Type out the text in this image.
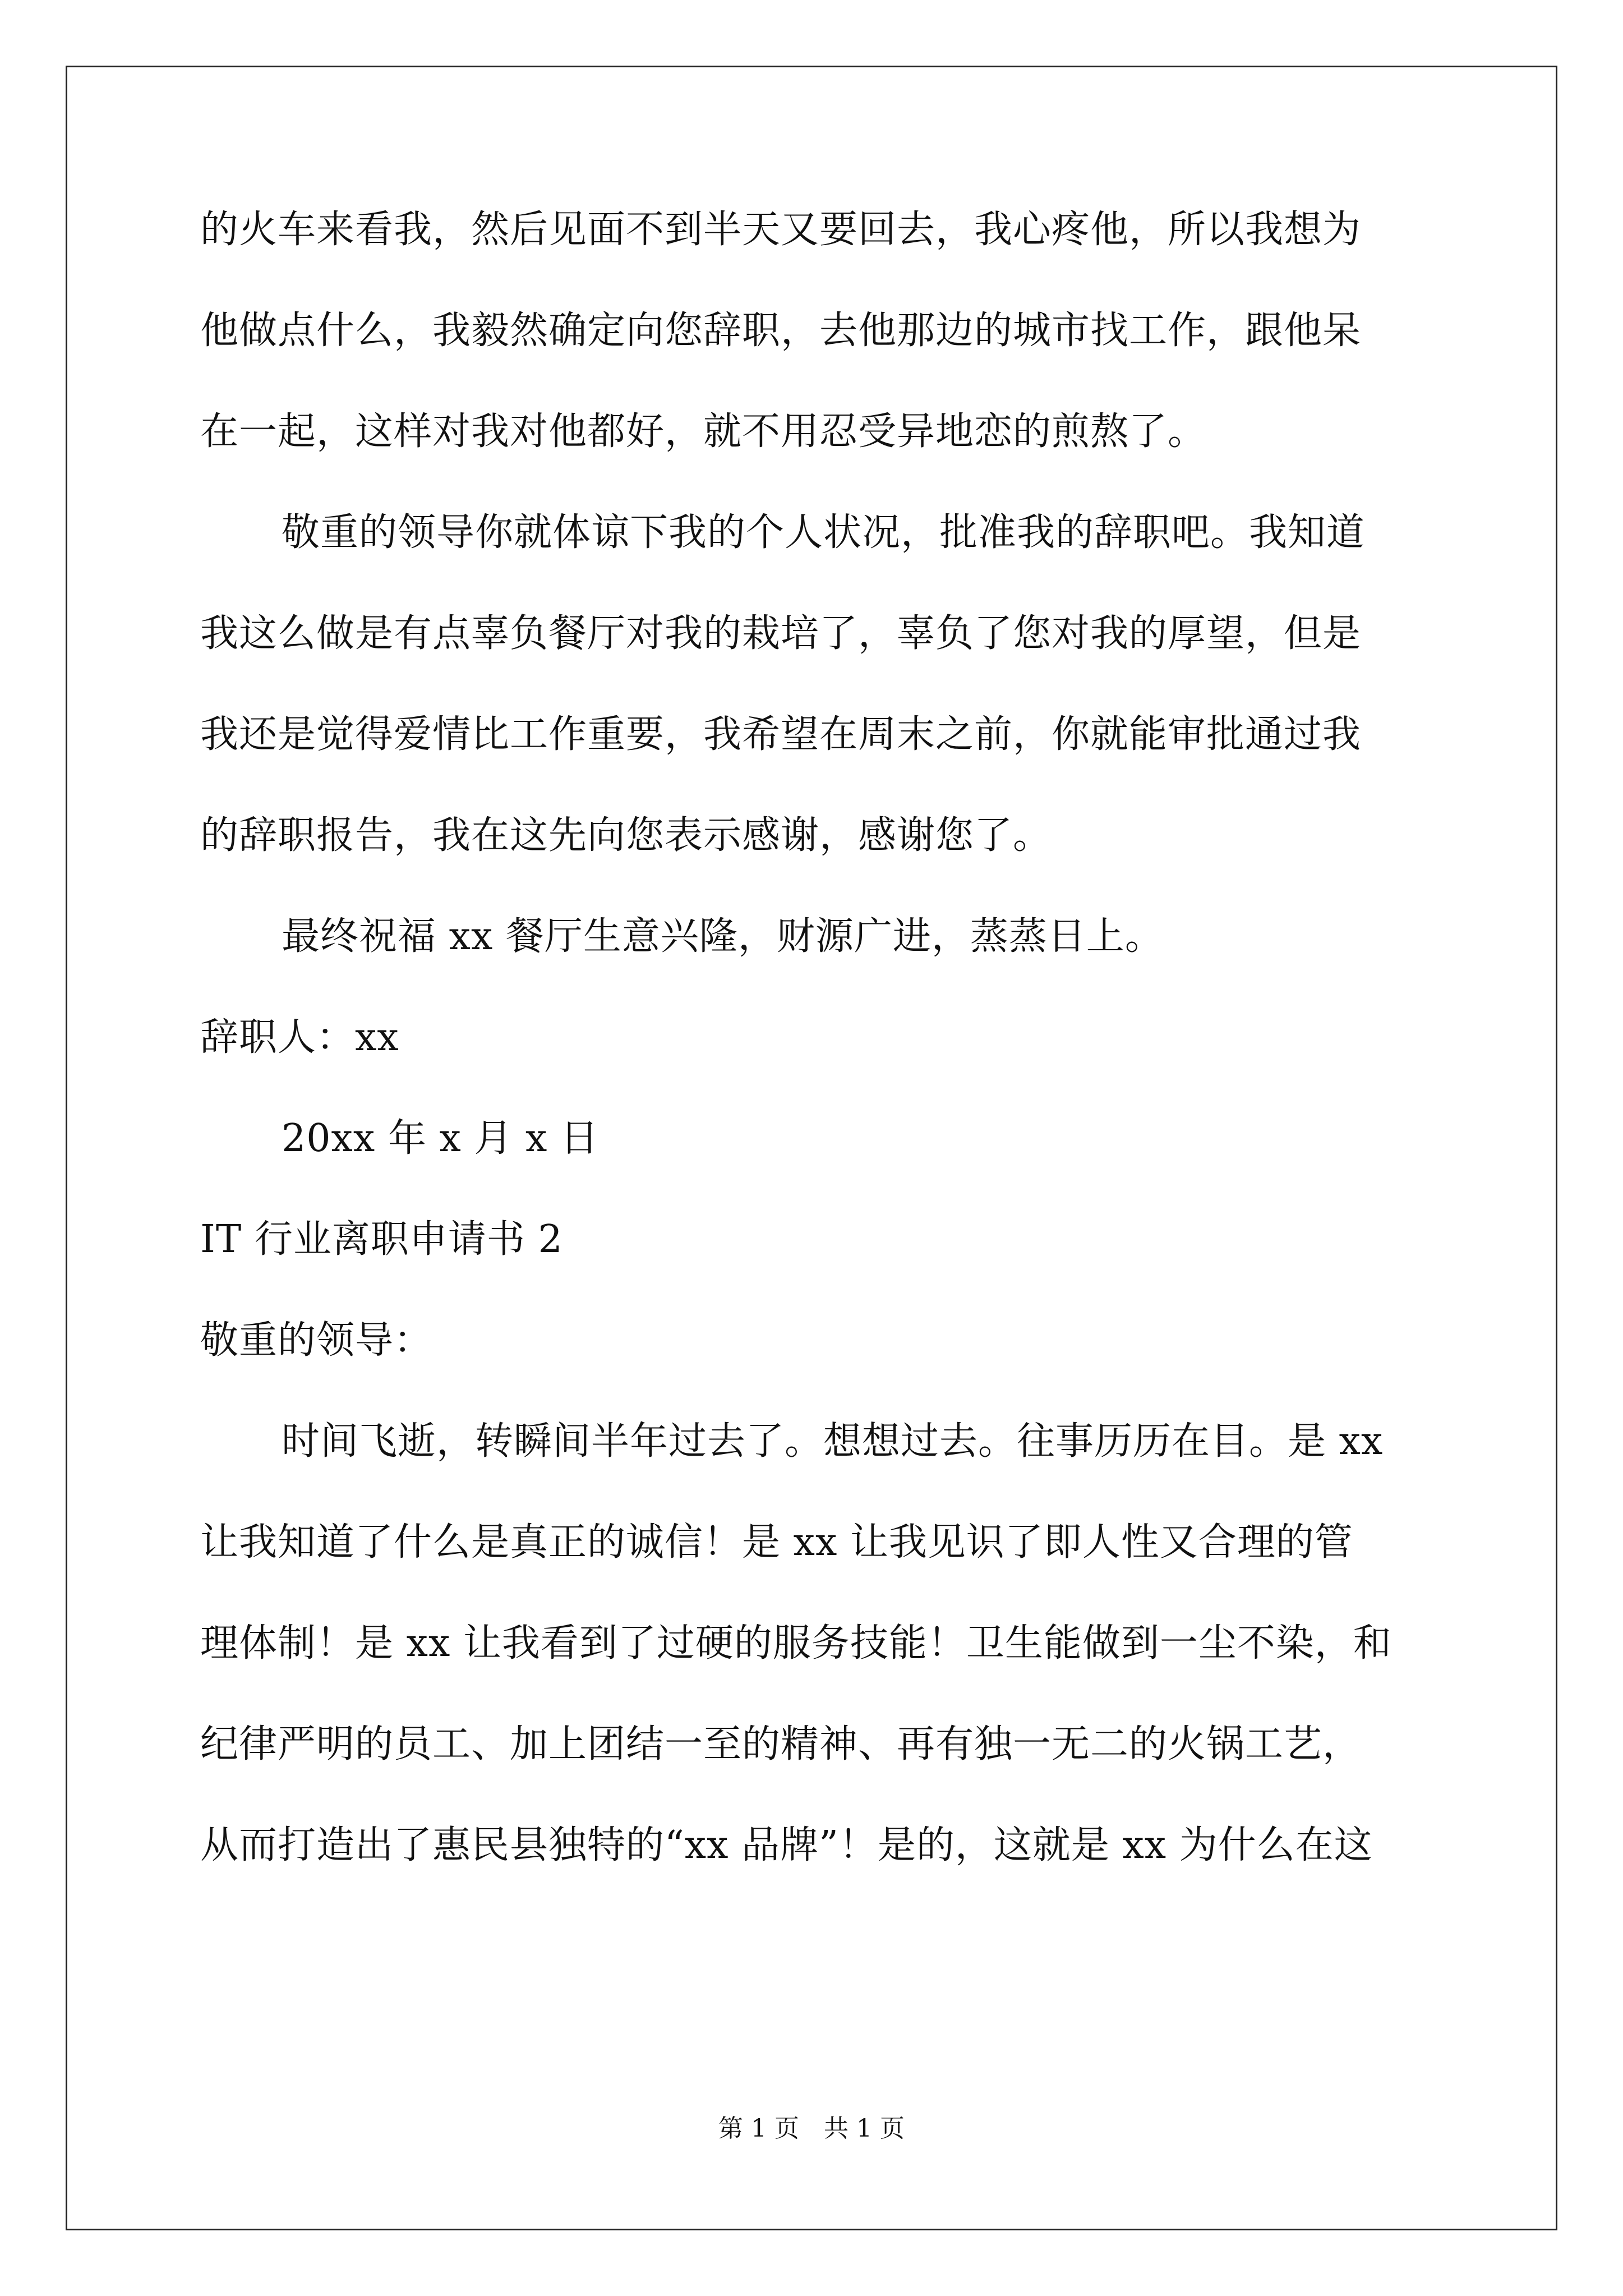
的火车来看我，然后见面不到半天又要回去，我心疼他，所以我想为
他做点什么，我毅然确定向您辞职，去他那边的城市找工作，跟他呆
在一起，这样对我对他都好，就不用忍受异地恋的煎熬了。
敬重的领导你就体谅下我的个人状况，批准我的辞职吧。我知道
我这么做是有点辜负餐厅对我的栽培了，辜负了您对我的厚望，但是
我还是觉得爱情比工作重要，我希望在周末之前，你就能审批通过我
的辞职报告，我在这先向您表示感谢，感谢您了。
最终祝福 xx 餐厅生意兴隆，财源广进，蒸蒸日上。
辞职人：xx
20xx 年 x 月 x 日
IT 行业离职申请书 2
敬重的领导：
时间飞逝，转瞬间半年过去了。想想过去。往事历历在目。是 xx
让我知道了什么是真正的诚信！是 xx 让我见识了即人性又合理的管
理体制！是 xx 让我看到了过硬的服务技能！卫生能做到一尘不染，和
纪律严明的员工、加上团结一至的精神、再有独一无二的火锅工艺，
从而打造出了惠民县独特的“xx 品牌”！是的，这就是 xx 为什么在这
第 1 页　共 1 页
